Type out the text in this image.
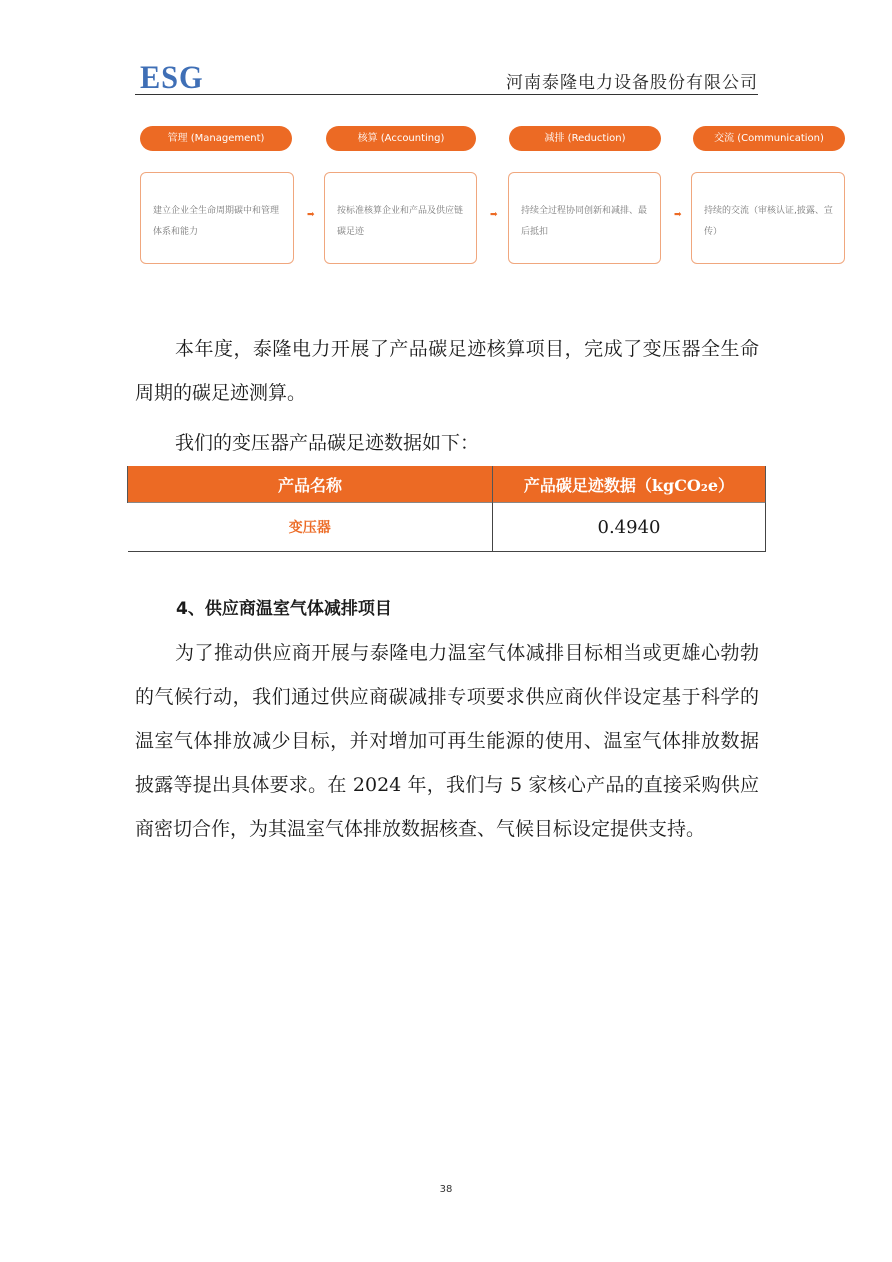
ESG	河南泰隆电力设备股份有限公司
管理 (Management)	核算 (Accounting)	减排 (Reduction)	交流 (Communication)
建立企业全生命周期碳中和管理体系和能力
➡	按标准核算企业和产品及供应链碳足迹
➡	持续全过程协同创新和减排、最后抵扣
➡	持续的交流（审核认证,披露、宣传）
本年度，泰隆电力开展了产品碳足迹核算项目，完成了变压器全生命周期的碳足迹测算。
我们的变压器产品碳足迹数据如下：
产品名称	产品碳足迹数据（kgCO₂e）
变压器	0.4940
4、供应商温室气体减排项目
为了推动供应商开展与泰隆电力温室气体减排目标相当或更雄心勃勃的气候行动，我们通过供应商碳减排专项要求供应商伙伴设定基于科学的温室气体排放减少目标，并对增加可再生能源的使用、温室气体排放数据披露等提出具体要求。在 2024 年，我们与 5 家核心产品的直接采购供应商密切合作，为其温室气体排放数据核查、气候目标设定提供支持。
38
